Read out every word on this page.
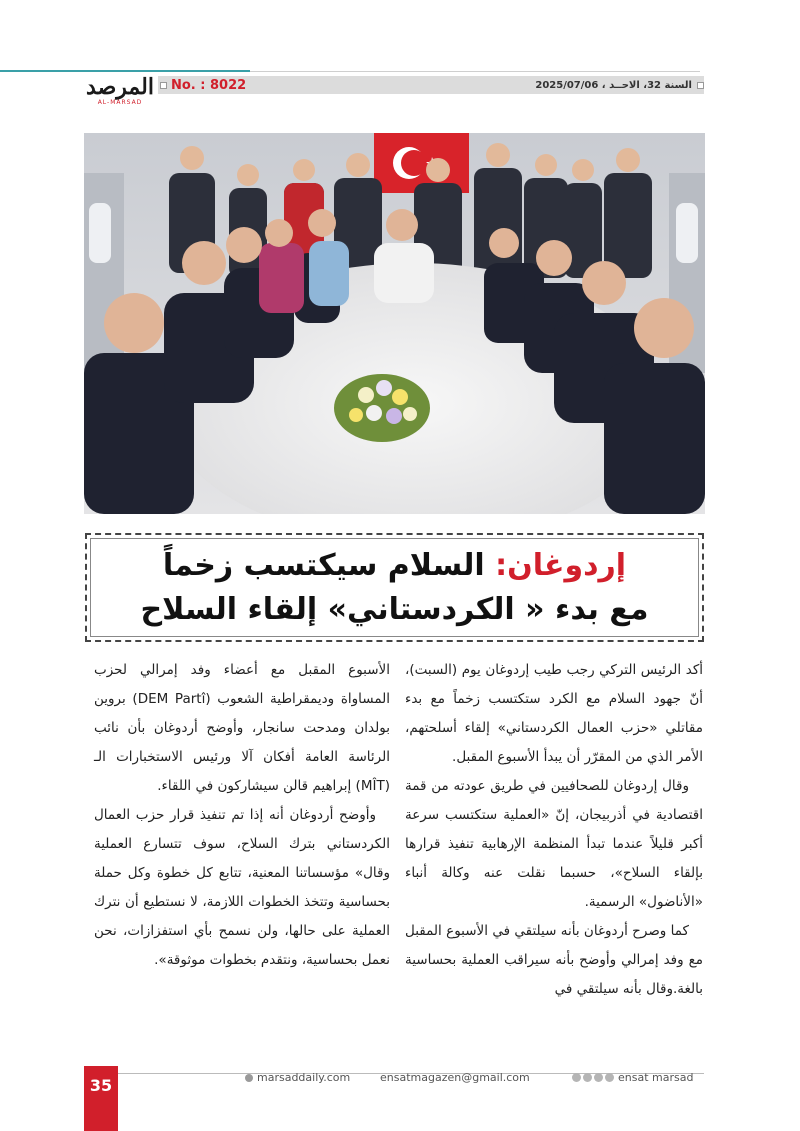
No. : 8022	السنة 32، الاحــد ، 2025/07/06
المرصد
AL-MARSAD
إردوغان: السلام سيكتسب زخماً
مع بدء « الكردستاني» إلقاء السلاح

أكد الرئيس التركي رجب طيب إردوغان يوم (السبت)، أنّ جهود السلام مع الكرد ستكتسب زخماً مع بدء مقاتلي «حزب العمال الكردستاني» إلقاء أسلحتهم، الأمر الذي من المقرّر أن يبدأ الأسبوع المقبل.

وقال إردوغان للصحافيين في طريق عودته من قمة اقتصادية في أذربيجان، إنّ «العملية ستكتسب سرعة أكبر قليلاً عندما تبدأ المنظمة الإرهابية تنفيذ قرارها بإلقاء السلاح»، حسبما نقلت عنه وكالة أنباء «الأناضول» الرسمية.

كما وصرح أردوغان بأنه سيلتقي في الأسبوع المقبل مع وفد إمرالي وأوضح بأنه سيراقب العملية بحساسية بالغة.وقال بأنه سيلتقي في

الأسبوع المقبل مع أعضاء وفد إمرالي لحزب المساواة وديمقراطية الشعوب (DEM Partî) بروين بولدان ومدحت سانجار، وأوضح أردوغان بأن نائب الرئاسة العامة أفكان آلا ورئيس الاستخبارات الـ (MÎT) إبراهيم قالن سيشاركون في اللقاء.

وأوضح أردوغان أنه إذا تم تنفيذ قرار حزب العمال الكردستاني بترك السلاح، سوف تتسارع العملية وقال» مؤسساتنا المعنية، تتابع كل خطوة وكل حملة بحساسية وتتخذ الخطوات اللازمة، لا نستطيع أن نترك العملية على حالها، ولن نسمح بأي استفزازات، نحن نعمل بحساسية، ونتقدم بخطوات موثوقة».

35	marsaddaily.com	ensatmagazen@gmail.com	ensat marsad
